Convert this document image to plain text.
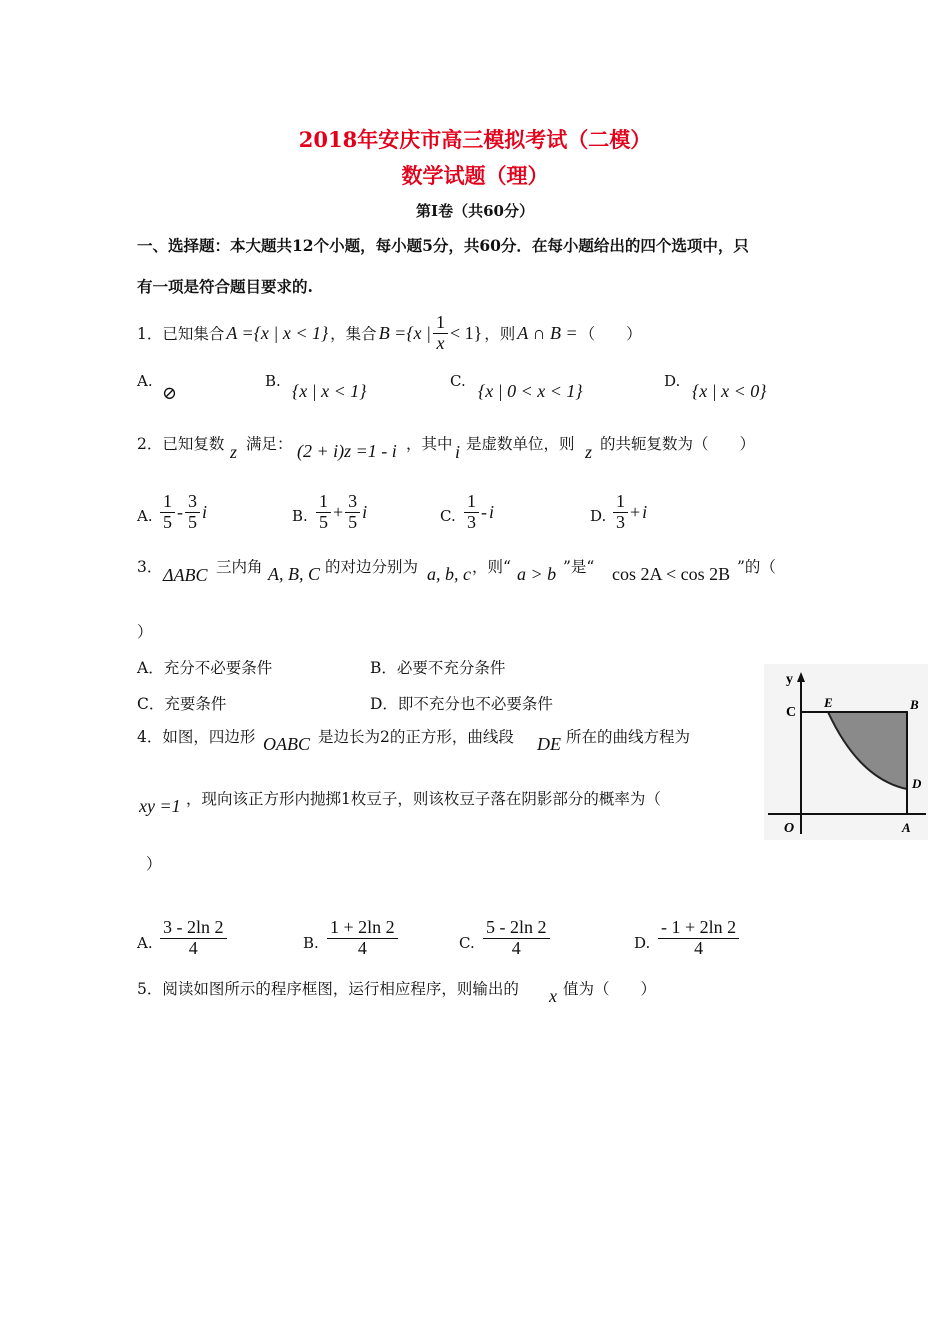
2018年安庆市高三模拟考试（二模）
数学试题（理）
第Ⅰ卷（共60分）
一、选择题：本大题共12个小题，每小题5分，共60分．在每小题给出的四个选项中，只
有一项是符合题目要求的.
1．已知集合 A ={x | x < 1} ，集合 B ={x | $\frac{1}{x} < 1$} ，则 A ∩ B = （　　）
A.
⊘
B. {x | x < 1}	C. {x | 0 < x < 1}	D. {x | x < 0}
2．已知复数 z 满足： (2 + i)z =1 - i ，其中 i 是虚数单位，则 z 的共轭复数为（　　）
A. $\frac{1}{5} - \frac{3}{5}$ i	B. $\frac{1}{5} + \frac{3}{5}$ i	C. $\frac{1}{3}$ - i	D. $\frac{1}{3} + i$
3． ΔABC 三内角 A, B, C 的对边分别为 a, b, c ，则“ a > b ”是“ cos 2A < cos 2B ”的（
）
A．充分不必要条件	B．必要不充分条件
C．充要条件	D．即不充分也不必要条件
4．如图，四边形 OABC 是边长为2的正方形，曲线段 DE 所在的曲线方程为
xy =1 ，现向该正方形内抛掷1枚豆子，则该枚豆子落在阴影部分的概率为（
）
y
C
E	B
D
O	A
A. $\frac{3 - 2\ln 2}{4}$	B. $\frac{1 + 2\ln 2}{4}$	C. $\frac{5 - 2\ln 2}{4}$	D. $\frac{- 1 + 2\ln 2}{4}$
5．阅读如图所示的程序框图，运行相应程序，则输出的 x 值为（　　）
